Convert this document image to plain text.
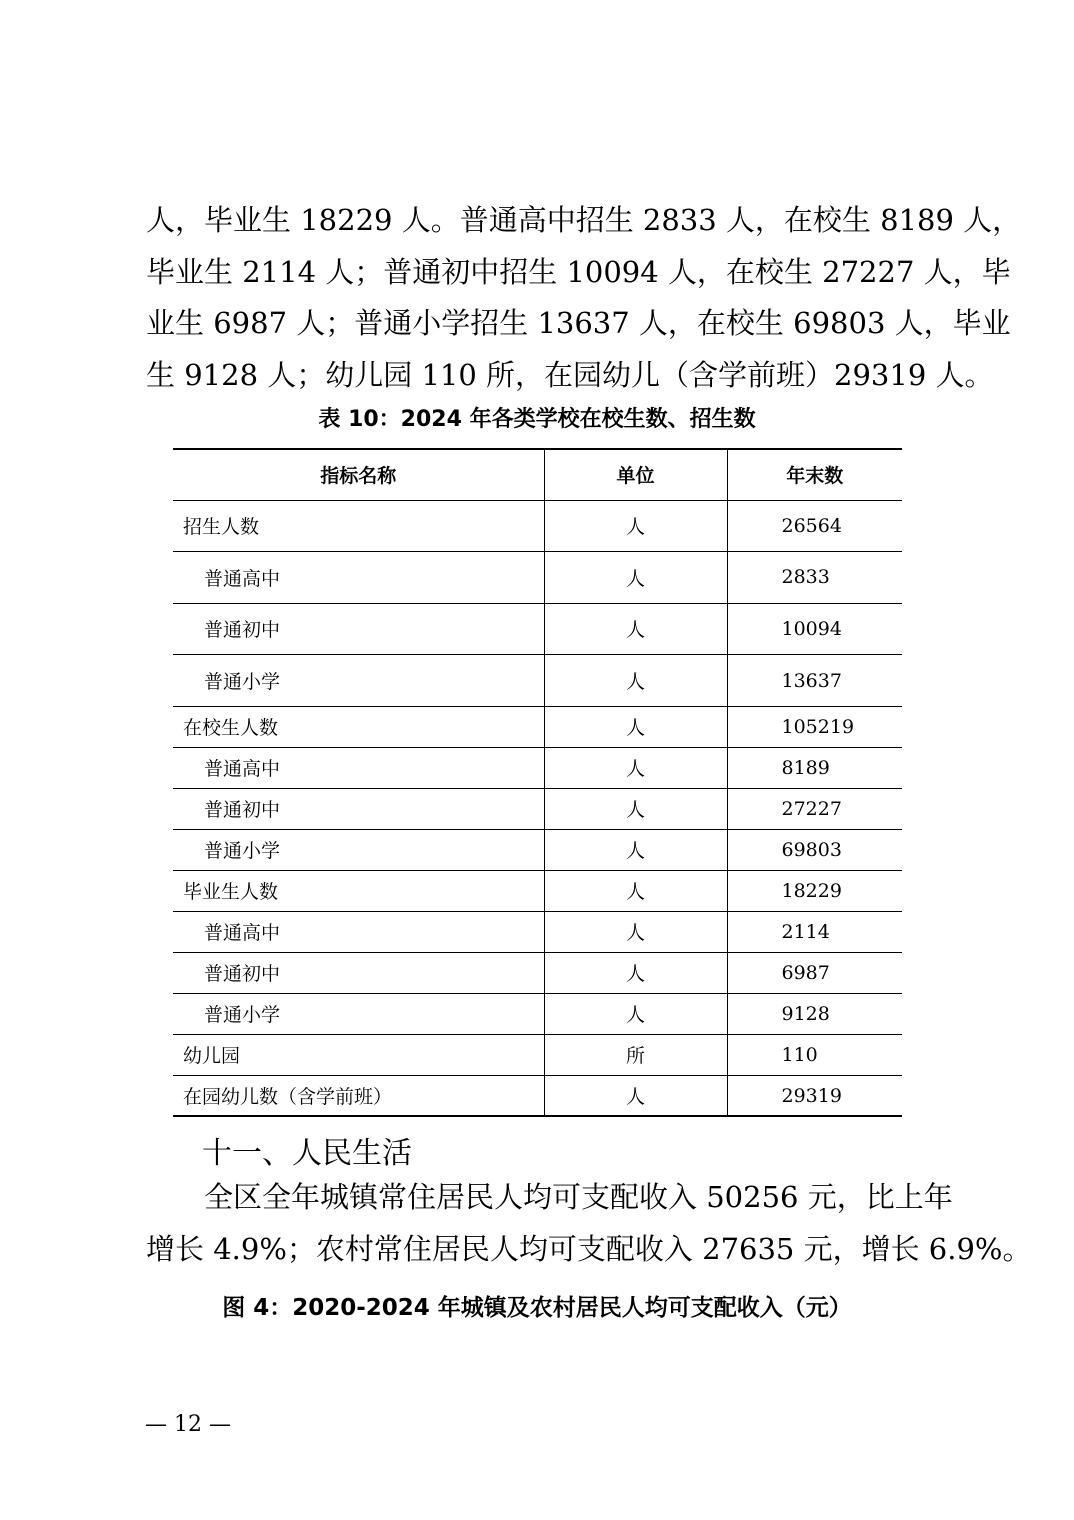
人，毕业生 18229 人。普通高中招生 2833 人，在校生 8189 人，
毕业生 2114 人；普通初中招生 10094 人，在校生 27227 人，毕
业生 6987 人；普通小学招生 13637 人，在校生 69803 人，毕业
生 9128 人；幼儿园 110 所，在园幼儿（含学前班）29319 人。

表 10：2024 年各类学校在校生数、招生数
指标名称	单位	年末数
招生人数	人	26564
普通高中	人	2833
普通初中	人	10094
普通小学	人	13637
在校生人数	人	105219
普通高中	人	8189
普通初中	人	27227
普通小学	人	69803
毕业生人数	人	18229
普通高中	人	2114
普通初中	人	6987
普通小学	人	9128
幼儿园	所	110
在园幼儿数（含学前班）	人	29319
十一、人民生活

全区全年城镇常住居民人均可支配收入 50256 元，比上年
增长 4.9%；农村常住居民人均可支配收入 27635 元，增长 6.9%。

图 4：2020-2024 年城镇及农村居民人均可支配收入（元）
— 12 —
